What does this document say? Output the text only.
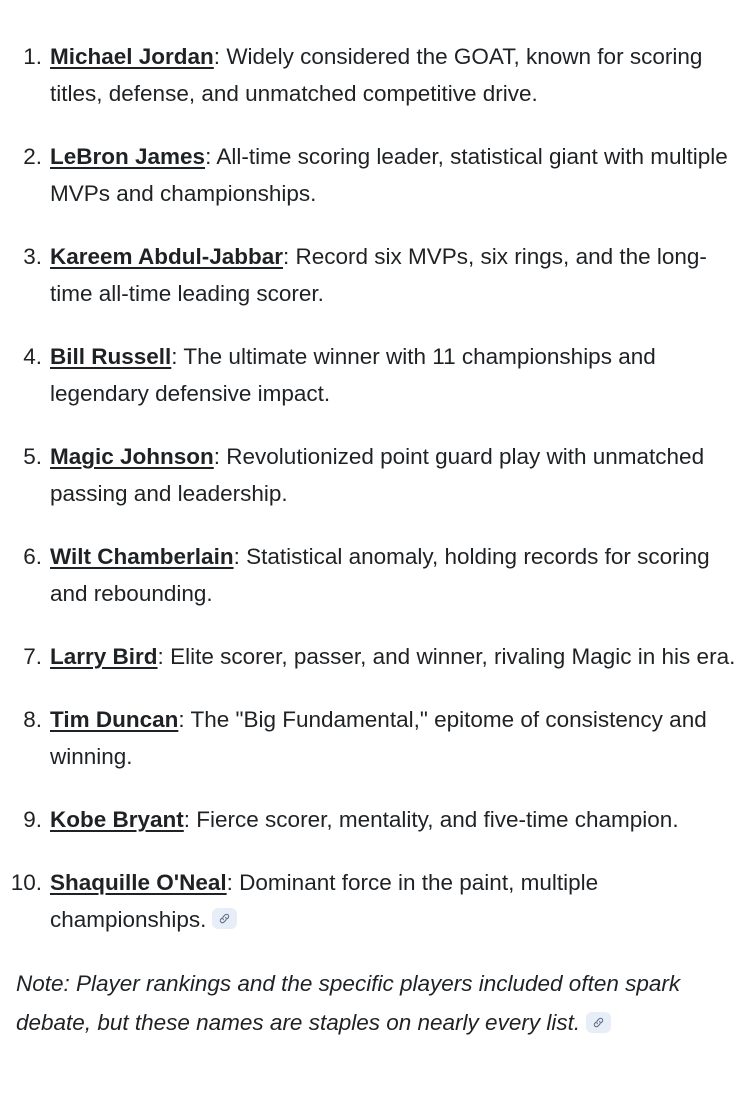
Michael Jordan: Widely considered the GOAT, known for scoring titles, defense, and unmatched competitive drive.
LeBron James: All-time scoring leader, statistical giant with multiple MVPs and championships.
Kareem Abdul-Jabbar: Record six MVPs, six rings, and the long-time all-time leading scorer.
Bill Russell: The ultimate winner with 11 championships and legendary defensive impact.
Magic Johnson: Revolutionized point guard play with unmatched passing and leadership.
Wilt Chamberlain: Statistical anomaly, holding records for scoring and rebounding.
Larry Bird: Elite scorer, passer, and winner, rivaling Magic in his era.
Tim Duncan: The "Big Fundamental," epitome of consistency and winning.
Kobe Bryant: Fierce scorer, mentality, and five-time champion.
Shaquille O'Neal: Dominant force in the paint, multiple championships.

Note: Player rankings and the specific players included often spark debate, but these names are staples on nearly every list.
